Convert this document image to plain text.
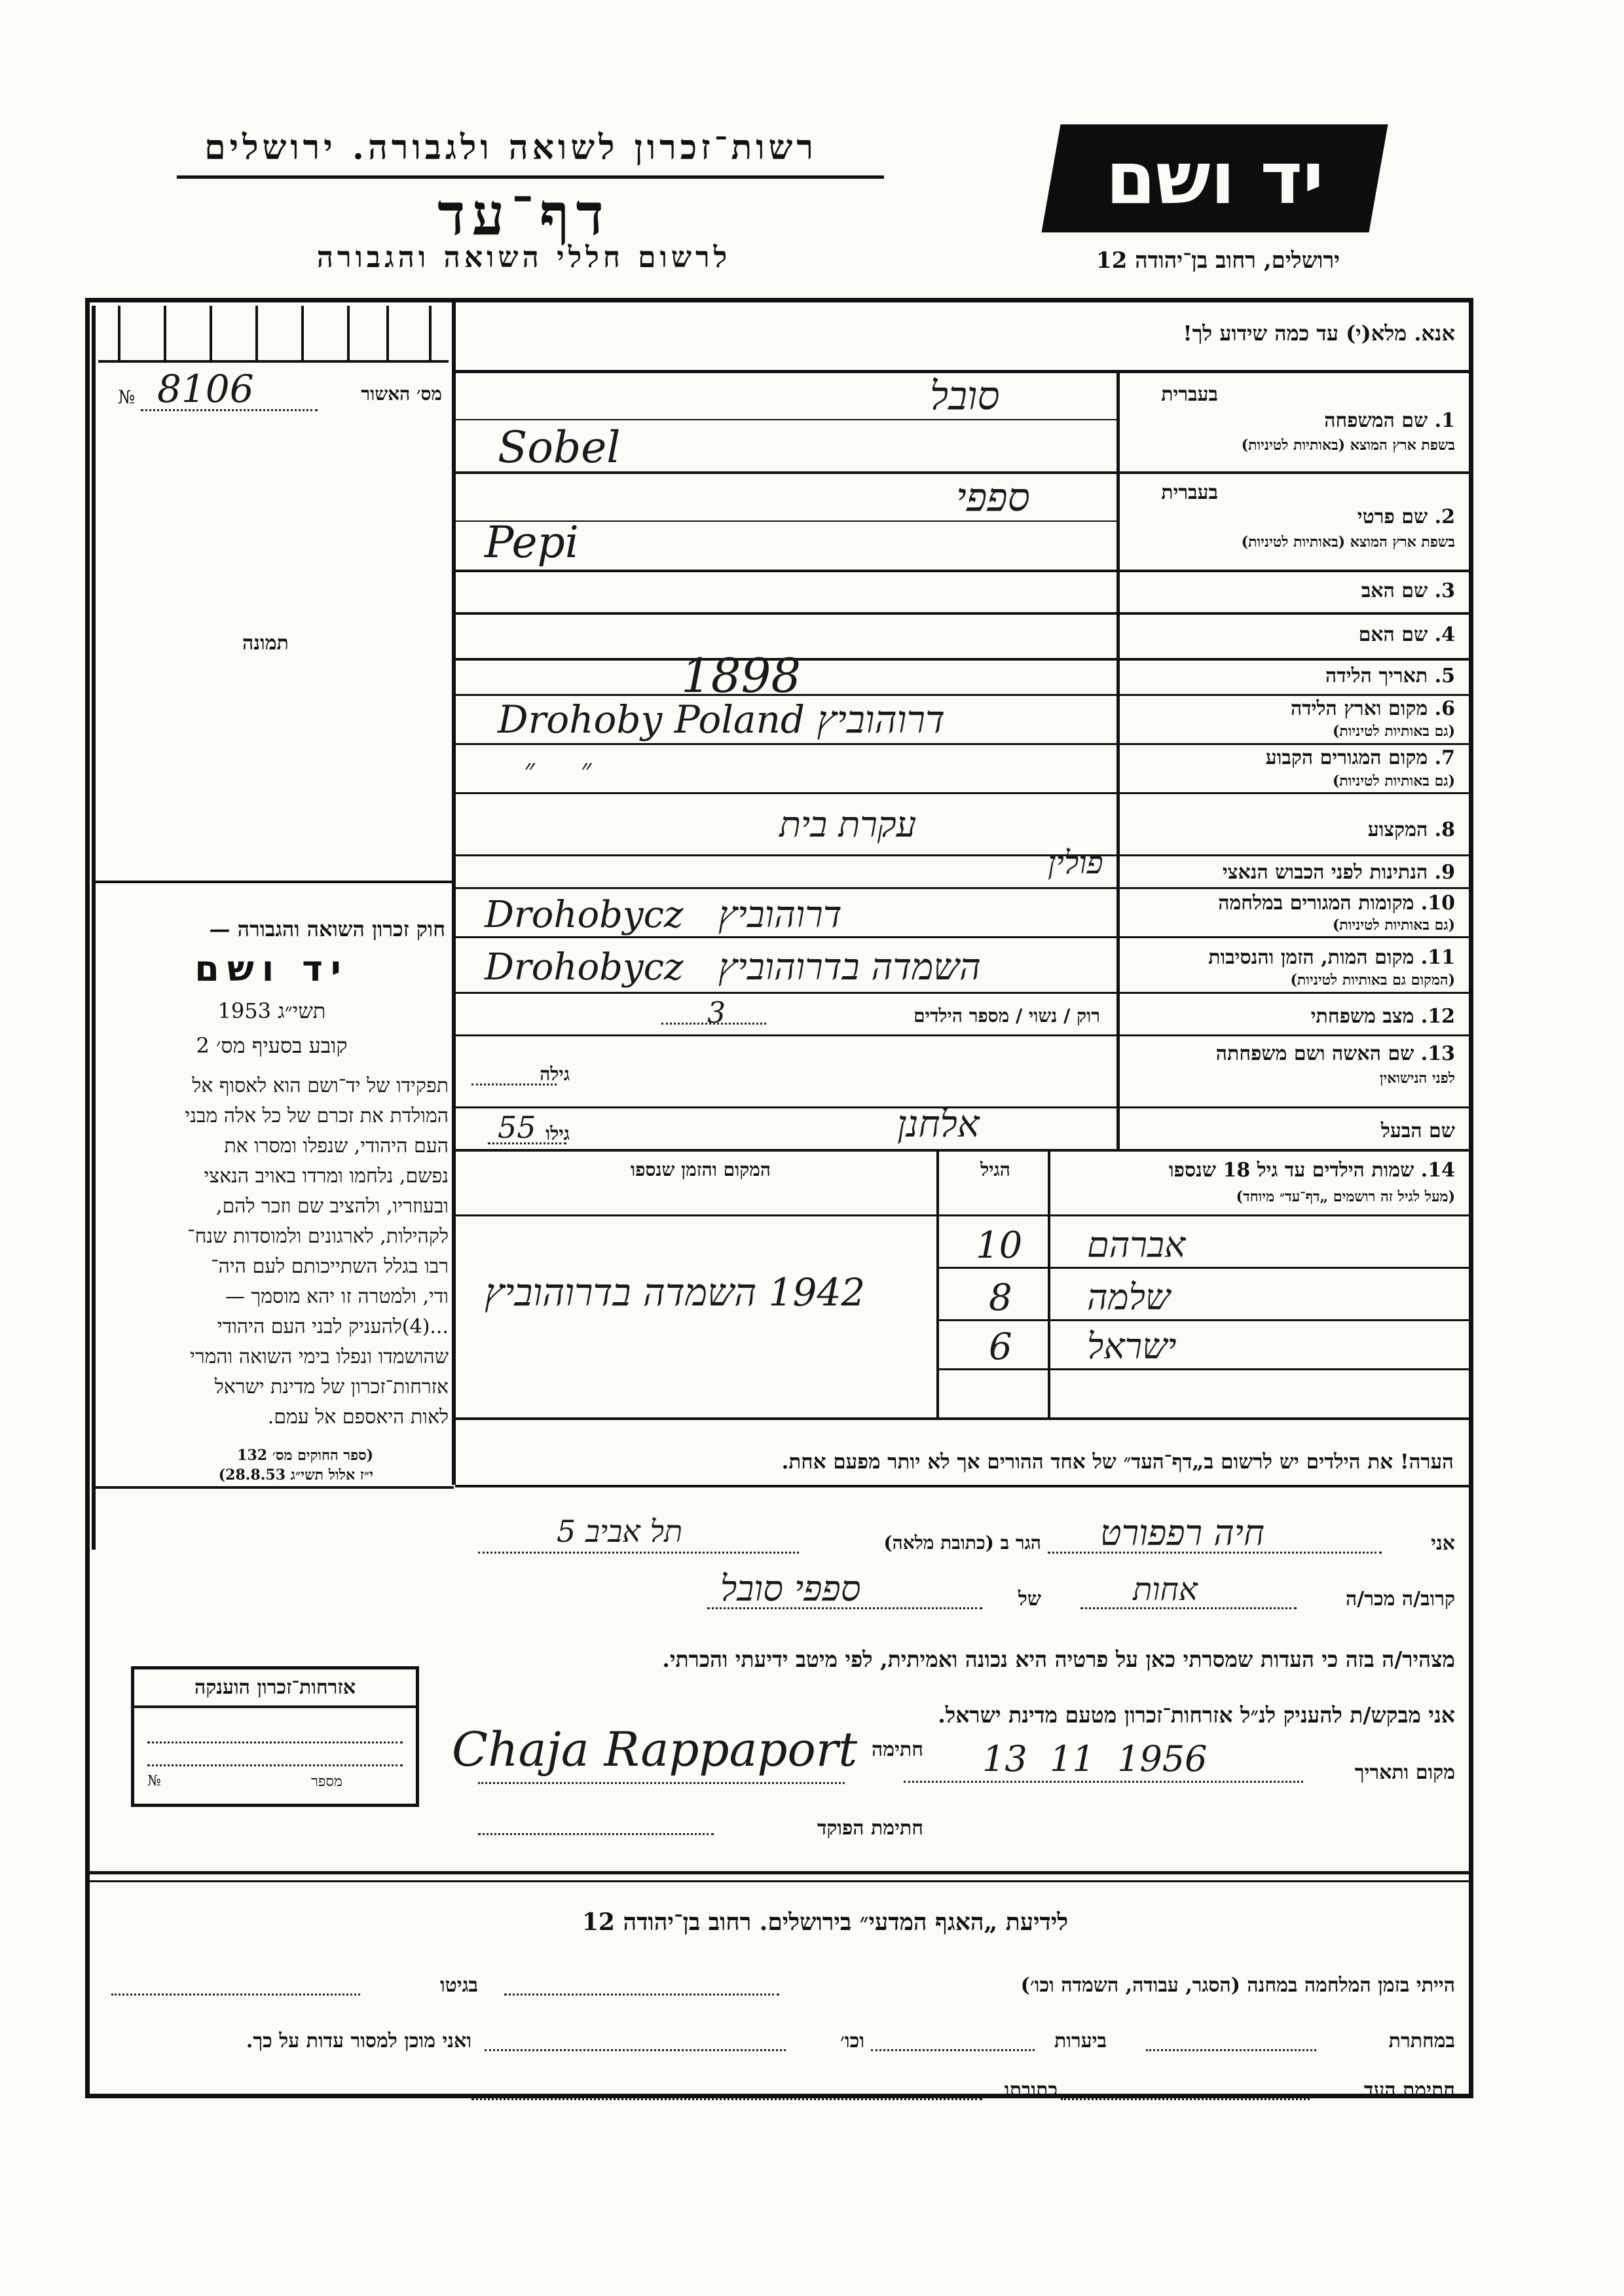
רשות־זכרון לשואה ולגבורה. ירושלים
דף־עד
לרשום חללי השואה והגבורה
יד ושם
ירושלים, רחוב בן־יהודה 12
מס׳ האשור
№ 8106
תמונה
חוק זכרון השואה והגבורה —
יד ושם
תשי״ג 1953
קובע בסעיף מס׳ 2
תפקידו של יד־ושם הוא לאסוף אל
המולדת את זכרם של כל אלה מבני
העם היהודי, שנפלו ומסרו את
נפשם, נלחמו ומרדו באויב הנאצי
ובעוזריו, ולהציב שם וזכר להם,
לקהילות, לארגונים ולמוסדות שנח־
רבו בגלל השתייכותם לעם היה־
ודי, ולמטרה זו יהא מוסמך —
...(4)להעניק לבני העם היהודי
שהושמדו ונפלו בימי השואה והמרי
אזרחות־זכרון של מדינת ישראל
לאות היאספם אל עמם.
(ספר החוקים מס׳ 132
י״ז אלול תשי״ג 28.8.53)
אזרחות־זכרון הוענקה
מספר
№
אנא. מלא(י) עד כמה שידוע לך!
בעברית
1. שם המשפחה
בשפת ארץ המוצא (באותיות לטיניות)
בעברית
2. שם פרטי
בשפת ארץ המוצא (באותיות לטיניות)
3. שם האב
4. שם האם
5. תאריך הלידה
6. מקום וארץ הלידה
(גם באותיות לטיניות)
7. מקום המגורים הקבוע
(גם באותיות לטיניות)
8. המקצוע
9. הנתינות לפני הכבוש הנאצי
10. מקומות המגורים במלחמה
(גם באותיות לטיניות)
11. מקום המות, הזמן והנסיבות
(המקום גם באותיות לטיניות)
12. מצב משפחתי
רוק / נשוי / מספר הילדים
13. שם האשה ושם משפחתה
לפני הנישואין
גילה
שם הבעל
גילו
14. שמות הילדים עד גיל 18 שנספו
(מעל לגיל זה רושמים „דף־עד״ מיוחד)
הגיל
המקום והזמן שנספו
סובל
Sobel
ספפי
Pepi
1898
Drohoby Poland דרוהוביץ
״     ״
עקרת בית
פולין
Drohobycz   דרוהוביץ
Drohobycz   השמדה בדרוהוביץ
3
אלחנן
55
אברהם
10
שלמה
8
ישראל
6
1942 השמדה בדרוהוביץ
הערה! את הילדים יש לרשום ב„דף־העד״ של אחד ההורים אך לא יותר מפעם אחת.
אני
חיה רפפורט
הגר ב (כתובת מלאה)
תל אביב 5
קרוב/ה מכר/ה
אחות
של
ספפי סובל
מצהיר/ה בזה כי העדות שמסרתי כאן על פרטיה היא נכונה ואמיתית, לפי מיטב ידיעתי והכרתי.
אני מבקש/ת להעניק לנ״ל אזרחות־זכרון מטעם מדינת ישראל.
מקום ותאריך
13  11  1956
חתימה
Chaja Rappaport
חתימת הפוקד
לידיעת „האגף המדעי״ בירושלים. רחוב בן־יהודה 12
הייתי בזמן המלחמה במחנה (הסגר, עבודה, השמדה וכו׳)
בגיטו
במחתרת
ביערות
וכו׳
ואני מוכן למסור עדות על כך.
חתימת העד
כתובתו
